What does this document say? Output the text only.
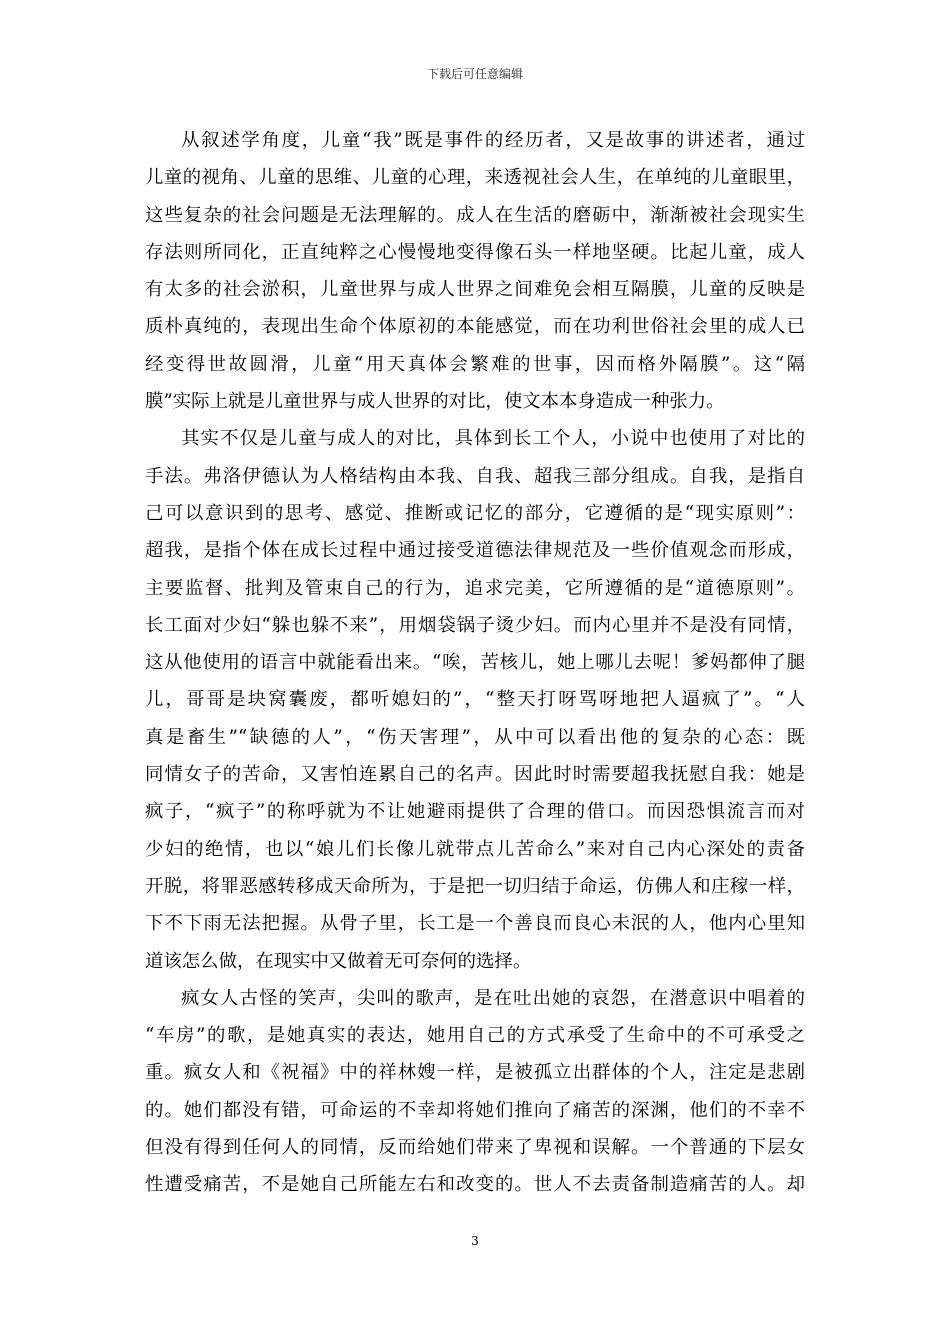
下载后可任意编辑
从叙述学角度，儿童“我”既是事件的经历者，又是故事的讲述者，通过
儿童的视角、儿童的思维、儿童的心理，来透视社会人生，在单纯的儿童眼里，
这些复杂的社会问题是无法理解的。成人在生活的磨砺中，渐渐被社会现实生
存法则所同化，正直纯粹之心慢慢地变得像石头一样地坚硬。比起儿童，成人
有太多的社会淤积，儿童世界与成人世界之间难免会相互隔膜，儿童的反映是
质朴真纯的，表现出生命个体原初的本能感觉，而在功利世俗社会里的成人已
经变得世故圆滑，儿童“用天真体会繁难的世事，因而格外隔膜”。这“隔
膜”实际上就是儿童世界与成人世界的对比，使文本本身造成一种张力。
其实不仅是儿童与成人的对比，具体到长工个人，小说中也使用了对比的
手法。弗洛伊德认为人格结构由本我、自我、超我三部分组成。自我，是指自
己可以意识到的思考、感觉、推断或记忆的部分，它遵循的是“现实原则”：
超我，是指个体在成长过程中通过接受道德法律规范及一些价值观念而形成，
主要监督、批判及管束自己的行为，追求完美，它所遵循的是“道德原则”。
长工面对少妇“躲也躲不来”，用烟袋锅子烫少妇。而内心里并不是没有同情，
这从他使用的语言中就能看出来。“唉，苦核儿，她上哪儿去呢！爹妈都伸了腿
儿，哥哥是块窝囊废，都听媳妇的”，“整天打呀骂呀地把人逼疯了”。“人
真是畜生”“缺德的人”，“伤天害理”，从中可以看出他的复杂的心态：既
同情女子的苦命，又害怕连累自己的名声。因此时时需要超我抚慰自我：她是
疯子，“疯子”的称呼就为不让她避雨提供了合理的借口。而因恐惧流言而对
少妇的绝情，也以“娘儿们长像儿就带点儿苦命么”来对自己内心深处的责备
开脱，将罪恶感转移成天命所为，于是把一切归结于命运，仿佛人和庄稼一样，
下不下雨无法把握。从骨子里，长工是一个善良而良心未泯的人，他内心里知
道该怎么做，在现实中又做着无可奈何的选择。
疯女人古怪的笑声，尖叫的歌声，是在吐出她的哀怨，在潜意识中唱着的
“车房”的歌，是她真实的表达，她用自己的方式承受了生命中的不可承受之
重。疯女人和《祝福》中的祥林嫂一样，是被孤立出群体的个人，注定是悲剧
的。她们都没有错，可命运的不幸却将她们推向了痛苦的深渊，他们的不幸不
但没有得到任何人的同情，反而给她们带来了卑视和误解。一个普通的下层女
性遭受痛苦，不是她自己所能左右和改变的。世人不去责备制造痛苦的人。却
3
